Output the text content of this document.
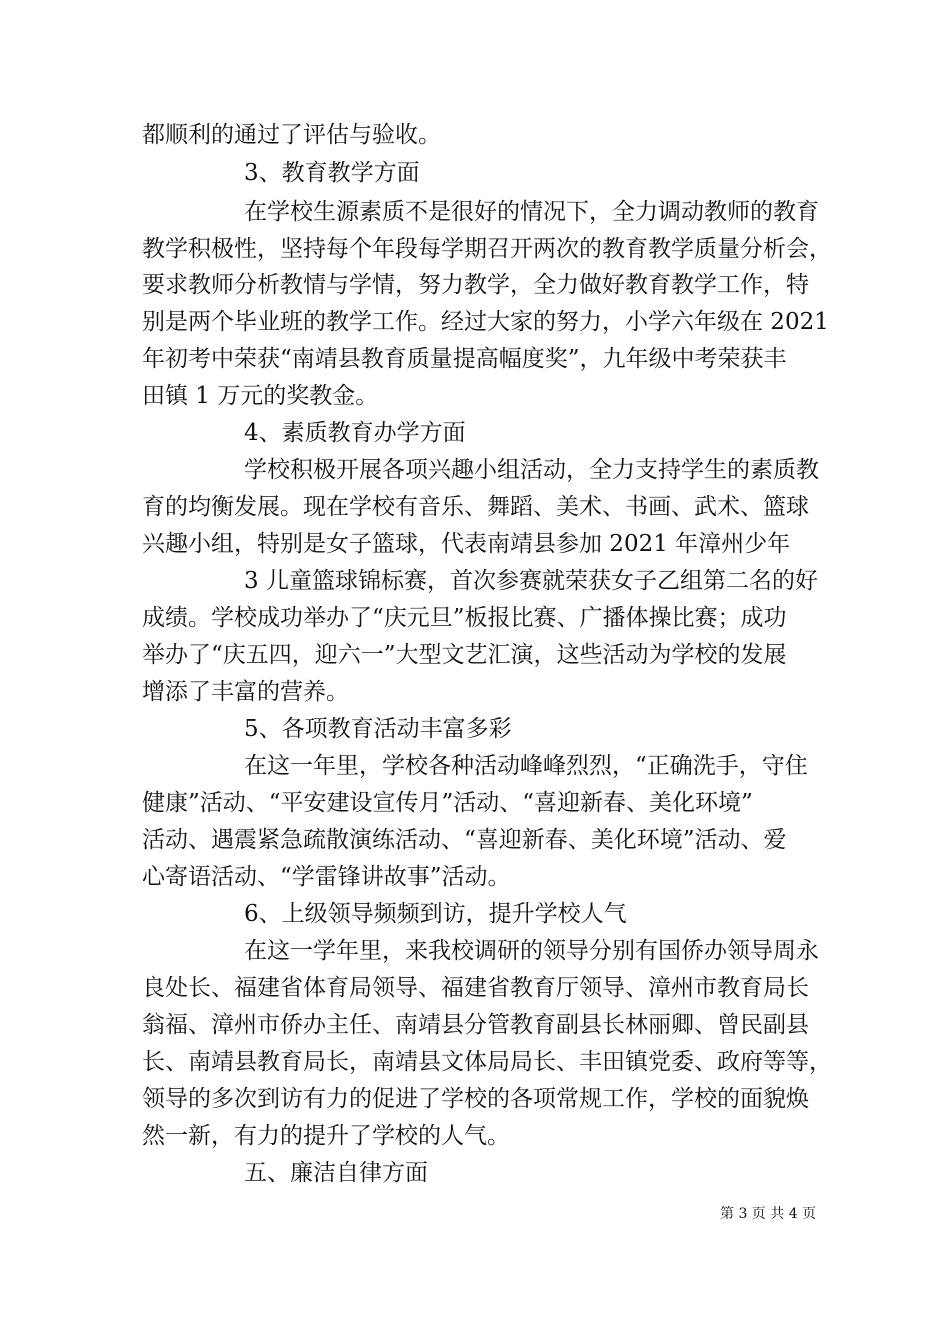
都顺利的通过了评估与验收。
3、教育教学方面
在学校生源素质不是很好的情况下，全力调动教师的教育
教学积极性，坚持每个年段每学期召开两次的教育教学质量分析会，
要求教师分析教情与学情，努力教学，全力做好教育教学工作，特
别是两个毕业班的教学工作。经过大家的努力，小学六年级在 2021
年初考中荣获“南靖县教育质量提高幅度奖”，九年级中考荣获丰
田镇 1 万元的奖教金。
4、素质教育办学方面
学校积极开展各项兴趣小组活动，全力支持学生的素质教
育的均衡发展。现在学校有音乐、舞蹈、美术、书画、武术、篮球
兴趣小组，特别是女子篮球，代表南靖县参加 2021 年漳州少年
3 儿童篮球锦标赛，首次参赛就荣获女子乙组第二名的好
成绩。学校成功举办了“庆元旦”板报比赛、广播体操比赛；成功
举办了“庆五四，迎六一”大型文艺汇演，这些活动为学校的发展
增添了丰富的营养。
5、各项教育活动丰富多彩
在这一年里，学校各种活动峰峰烈烈，“正确洗手，守住
健康”活动、“平安建设宣传月”活动、“喜迎新春、美化环境”
活动、遇震紧急疏散演练活动、“喜迎新春、美化环境”活动、爱
心寄语活动、“学雷锋讲故事”活动。
6、上级领导频频到访，提升学校人气
在这一学年里，来我校调研的领导分别有国侨办领导周永
良处长、福建省体育局领导、福建省教育厅领导、漳州市教育局长
翁福、漳州市侨办主任、南靖县分管教育副县长林丽卿、曾民副县
长、南靖县教育局长，南靖县文体局局长、丰田镇党委、政府等等，
领导的多次到访有力的促进了学校的各项常规工作，学校的面貌焕
然一新，有力的提升了学校的人气。
五、廉洁自律方面
第 3 页 共 4 页
